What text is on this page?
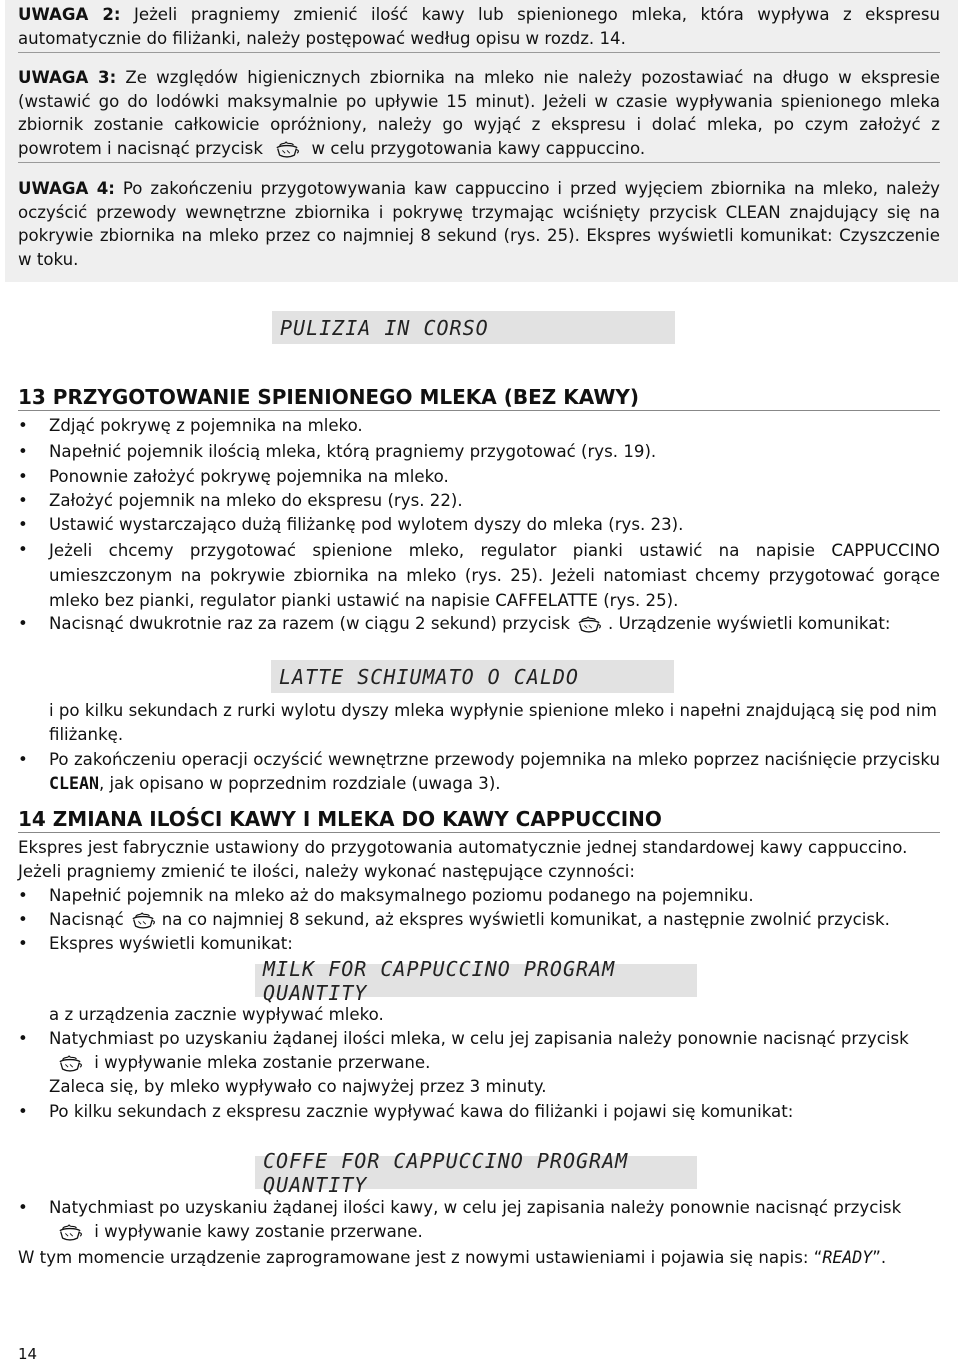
UWAGA 2: Jeżeli pragniemy zmienić ilość kawy lub spienionego mleka, która wypływa z ekspresu automatycznie do filiżanki, należy postępować według opisu w rozdz. 14.
UWAGA 3: Ze względów higienicznych zbiornika na mleko nie należy pozostawiać na długo w ekspresie (wstawić go do lodówki maksymalnie po upływie 15 minut). Jeżeli w czasie wypływania spienionego mleka zbiornik zostanie całkowicie opróżniony, należy go wyjąć z ekspresu i dolać mleka, po czym założyć z powrotem i nacisnąć przycisk	w celu przygotowania kawy cappuccino.
UWAGA 4: Po zakończeniu przygotowywania kaw cappuccino i przed wyjęciem zbiornika na mleko, należy oczyścić przewody wewnętrzne zbiornika i pokrywę trzymając wciśnięty przycisk CLEAN znajdujący się na pokrywie zbiornika na mleko przez co najmniej 8 sekund (rys. 25). Ekspres wyświetli komunikat: Czyszczenie w toku.
PULIZIA IN CORSO
13 PRZYGOTOWANIE SPIENIONEGO MLEKA (BEZ KAWY)
• Zdjąć pokrywę z pojemnika na mleko.
• Napełnić pojemnik ilością mleka, którą pragniemy przygotować (rys. 19).
• Ponownie założyć pokrywę pojemnika na mleko.
• Założyć pojemnik na mleko do ekspresu (rys. 22).
• Ustawić wystarczająco dużą filiżankę pod wylotem dyszy do mleka (rys. 23).
• Jeżeli chcemy przygotować spienione mleko, regulator pianki ustawić na napisie CAPPUCCINO umieszczonym na pokrywie zbiornika na mleko (rys. 25). Jeżeli natomiast chcemy przygotować gorące mleko bez pianki, regulator pianki ustawić na napisie CAFFELATTE (rys. 25).
• Nacisnąć dwukrotnie raz za razem (w ciągu 2 sekund) przycisk . Urządzenie wyświetli komunikat:
LATTE SCHIUMATO O CALDO
i po kilku sekundach z rurki wylotu dyszy mleka wypłynie spienione mleko i napełni znajdującą się pod nim filiżankę.
• Po zakończeniu operacji oczyścić wewnętrzne przewody pojemnika na mleko poprzez naciśnięcie przycisku CLEAN, jak opisano w poprzednim rozdziale (uwaga 3).
14 ZMIANA ILOŚCI KAWY I MLEKA DO KAWY CAPPUCCINO
Ekspres jest fabrycznie ustawiony do przygotowania automatycznie jednej standardowej kawy cappuccino.
Jeżeli pragniemy zmienić te ilości, należy wykonać następujące czynności:
• Napełnić pojemnik na mleko aż do maksymalnego poziomu podanego na pojemniku.
• Nacisnąć na co najmniej 8 sekund, aż ekspres wyświetli komunikat, a następnie zwolnić przycisk.
• Ekspres wyświetli komunikat:
MILK FOR CAPPUCCINO PROGRAM QUANTITY
a z urządzenia zacznie wypływać mleko.
• Natychmiast po uzyskaniu żądanej ilości mleka, w celu jej zapisania należy ponownie nacisnąć przycisk
i wypływanie mleka zostanie przerwane.
Zaleca się, by mleko wypływało co najwyżej przez 3 minuty.
• Po kilku sekundach z ekspresu zacznie wypływać kawa do filiżanki i pojawi się komunikat:
COFFE FOR CAPPUCCINO PROGRAM QUANTITY
• Natychmiast po uzyskaniu żądanej ilości kawy, w celu jej zapisania należy ponownie nacisnąć przycisk
i wypływanie kawy zostanie przerwane.
W tym momencie urządzenie zaprogramowane jest z nowymi ustawieniami i pojawia się napis: “READY”.
14
